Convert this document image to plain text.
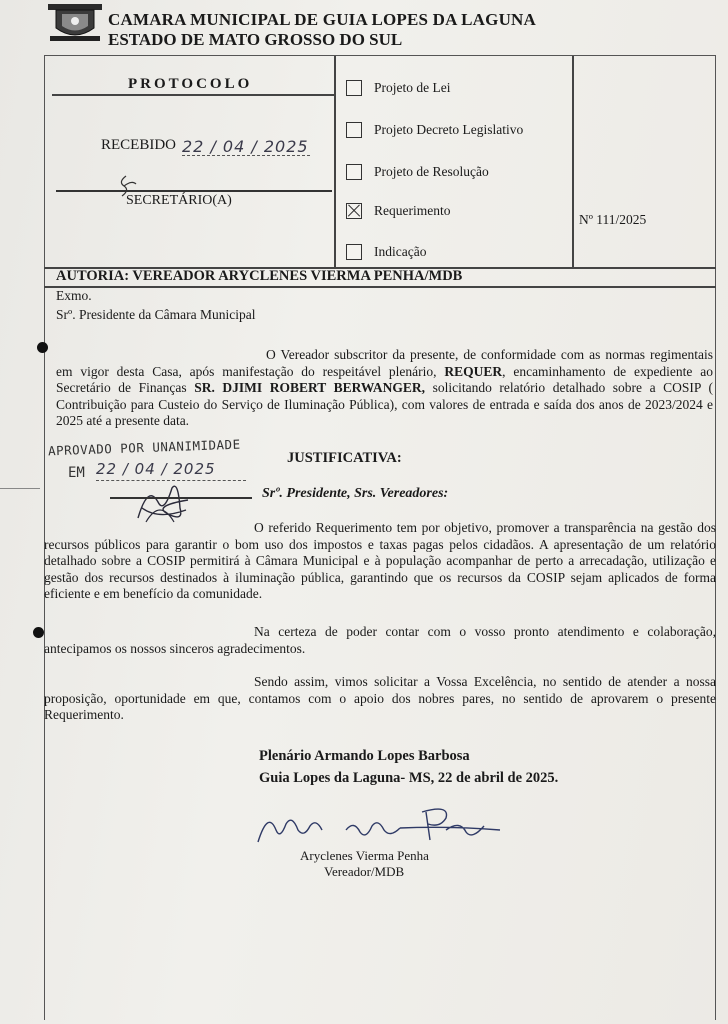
CAMARA MUNICIPAL DE GUIA LOPES DA LAGUNA
ESTADO DE MATO GROSSO DO SUL
PROTOCOLO
RECEBIDO 22 / 04 / 2025
SECRETÁRIO(A)
Projeto de Lei
Projeto Decreto Legislativo
Projeto de Resolução
Requerimento
Indicação
Nº 111/2025
AUTORIA: VEREADOR ARYCLENES VIERMA PENHA/MDB
Exmo.
Srº. Presidente da Câmara Municipal
O Vereador subscritor da presente, de conformidade com as normas regimentais em vigor desta Casa, após manifestação do respeitável plenário, REQUER, encaminhamento de expediente ao Secretário de Finanças SR. DJIMI ROBERT BERWANGER, solicitando relatório detalhado sobre a COSIP ( Contribuição para Custeio do Serviço de Iluminação Pública), com valores de entrada e saída dos anos de 2023/2024 e 2025 até a presente data.
APROVADO POR UNANIMIDADE
EM 22 / 04 / 2025
JUSTIFICATIVA:
Srº. Presidente, Srs. Vereadores:
O referido Requerimento tem por objetivo, promover a transparência na gestão dos recursos públicos para garantir o bom uso dos impostos e taxas pagas pelos cidadãos. A apresentação de um relatório detalhado sobre a COSIP permitirá à Câmara Municipal e à população acompanhar de perto a arrecadação, utilização e gestão dos recursos destinados à iluminação pública, garantindo que os recursos da COSIP sejam aplicados de forma eficiente e em benefício da comunidade.
Na certeza de poder contar com o vosso pronto atendimento e colaboração, antecipamos os nossos sinceros agradecimentos.
Sendo assim, vimos solicitar a Vossa Excelência, no sentido de atender a nossa proposição, oportunidade em que, contamos com o apoio dos nobres pares, no sentido de aprovarem o presente Requerimento.
Plenário Armando Lopes Barbosa
Guia Lopes da Laguna- MS, 22 de abril de 2025.
Aryclenes Vierma Penha
Vereador/MDB
